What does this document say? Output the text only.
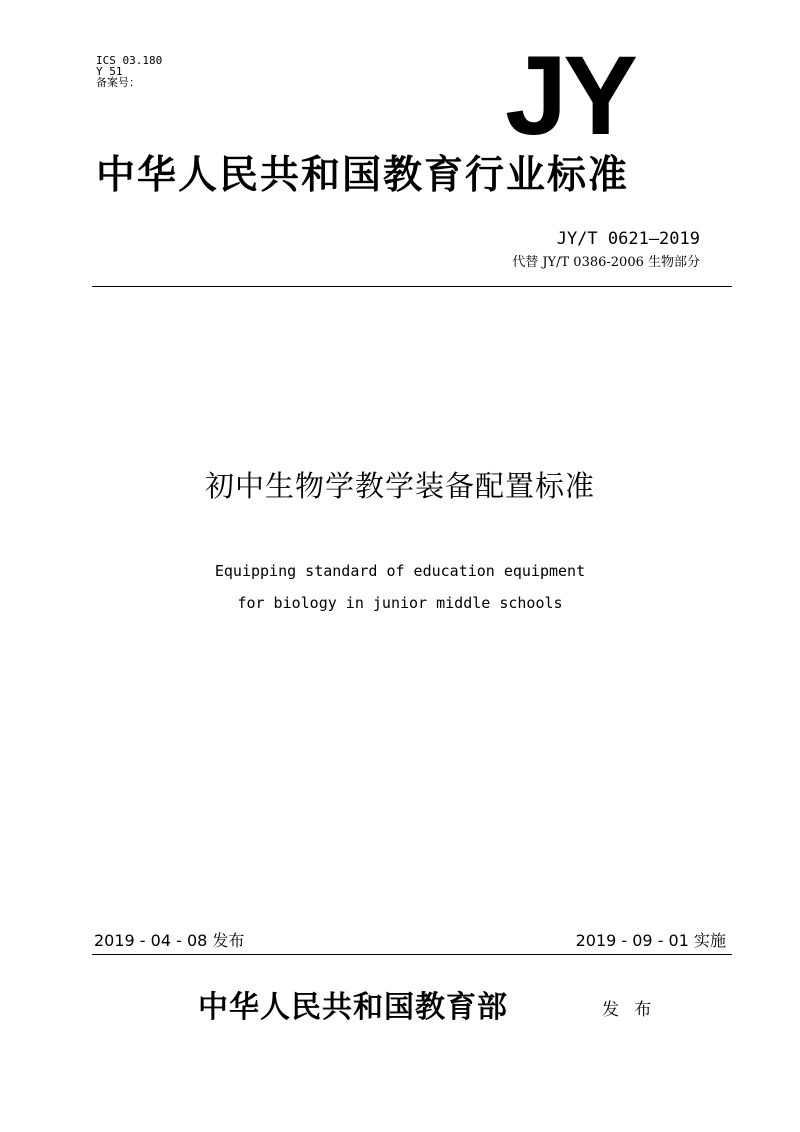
ICS 03.180
Y 51
备案号：	JY
中华人民共和国教育行业标准
JY/T 0621—2019
代替 JY/T 0386-2006 生物部分
初中生物学教学装备配置标准
Equipping standard of education equipment
for biology in junior middle schools
2019 - 04 - 08 发布	2019 - 09 - 01 实施
中华人民共和国教育部	发 布
